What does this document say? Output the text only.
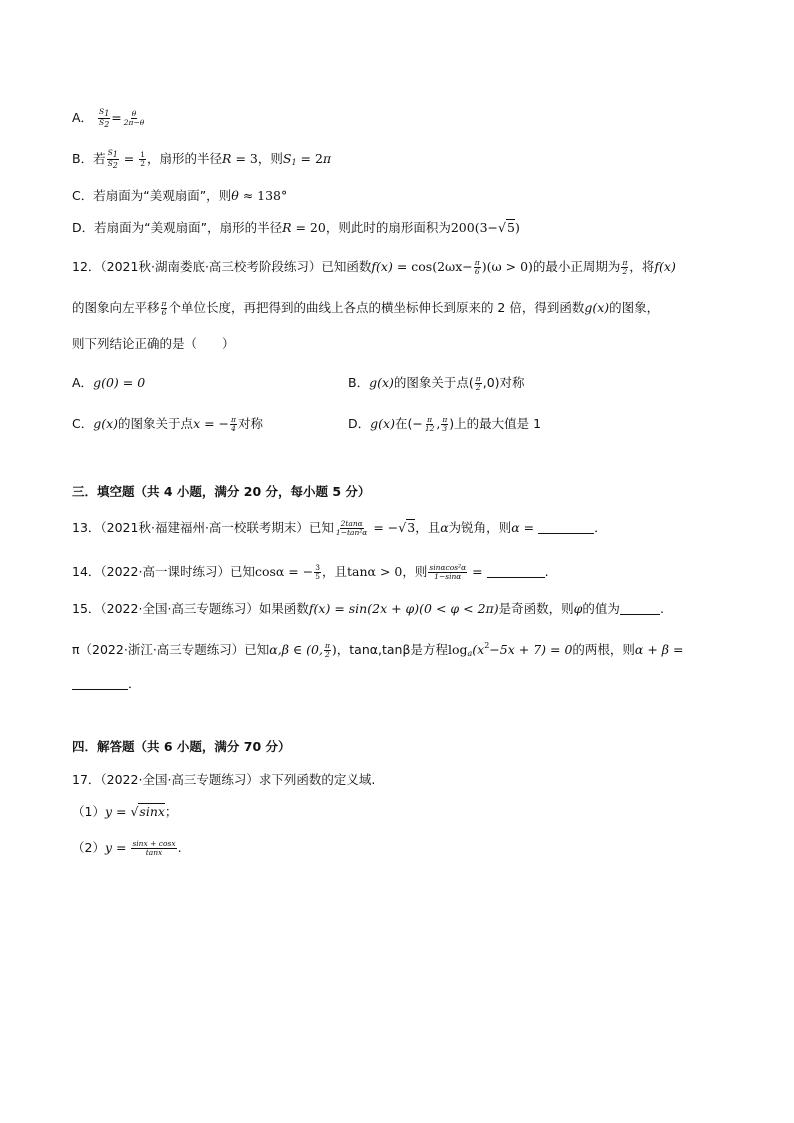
A． $\frac{S1}{S2} = \frac{\theta}{2\pi-\theta}$
B．若 $\frac{S1}{S2} = \frac{1}{2}$ ，扇形的半径R = 3，则$S_1 = 2\pi$
C．若扇面为“美观扇面”，则θ ≈ 138°
D．若扇面为“美观扇面”，扇形的半径R = 20，则此时的扇形面积为200(3−√5)
12．（2021秋·湖南娄底·高三校考阶段练习）已知函数$f(x) = \cos(2\omega x- \frac{\pi}{6} )(\omega > 0)$的最小正周期为 $\frac{\pi}{2}$ ，将f(x)
的图象向左平移 $\frac{\pi}{6}$ 个单位长度，再把得到的曲线上各点的横坐标伸长到原来的 2 倍，得到函数g(x)的图象，
则下列结论正确的是（　　）
A．g(0) = 0	B．g(x)的图象关于点( $\frac{\pi}{2} ,0$)对称
C．g(x)的图象关于点x = − $\frac{\pi}{4}$ 对称	D．g(x)在(− $\frac{\pi}{12}$ , $\frac{\pi}{3}$ )上的最大值是 1
三．填空题（共 4 小题，满分 20 分，每小题 5 分）
13．（2021秋·福建福州·高一校联考期末）已知 $\frac{2\tan\alpha}{\text{1−tan²α}} = -√3$，且α为锐角，则α =	．
14．（2022·高一课时练习）已知cosα = − $\frac{3}{5}$ ，且tanα > 0，则 $\frac{\text{sinαcos²α}}{1-\sin\alpha}$ =	.
15．（2022·全国·高三专题练习）如果函数f(x) = sin(2x + φ)(0 < φ < 2π)是奇函数，则φ的值为	.
π（2022·浙江·高三专题练习）已知α,β ∈ (0, $\frac{\pi}{2}$ )，tanα,tanβ是方程$\log_a(x^2-5x + 7) = 0$的两根，则α + β =
．
四．解答题（共 6 小题，满分 70 分）
17．（2022·全国·高三专题练习）求下列函数的定义域.
（1）y = √sinx；
$(2)y = \frac{\sin x + \cos x}{\tan x}$ .
